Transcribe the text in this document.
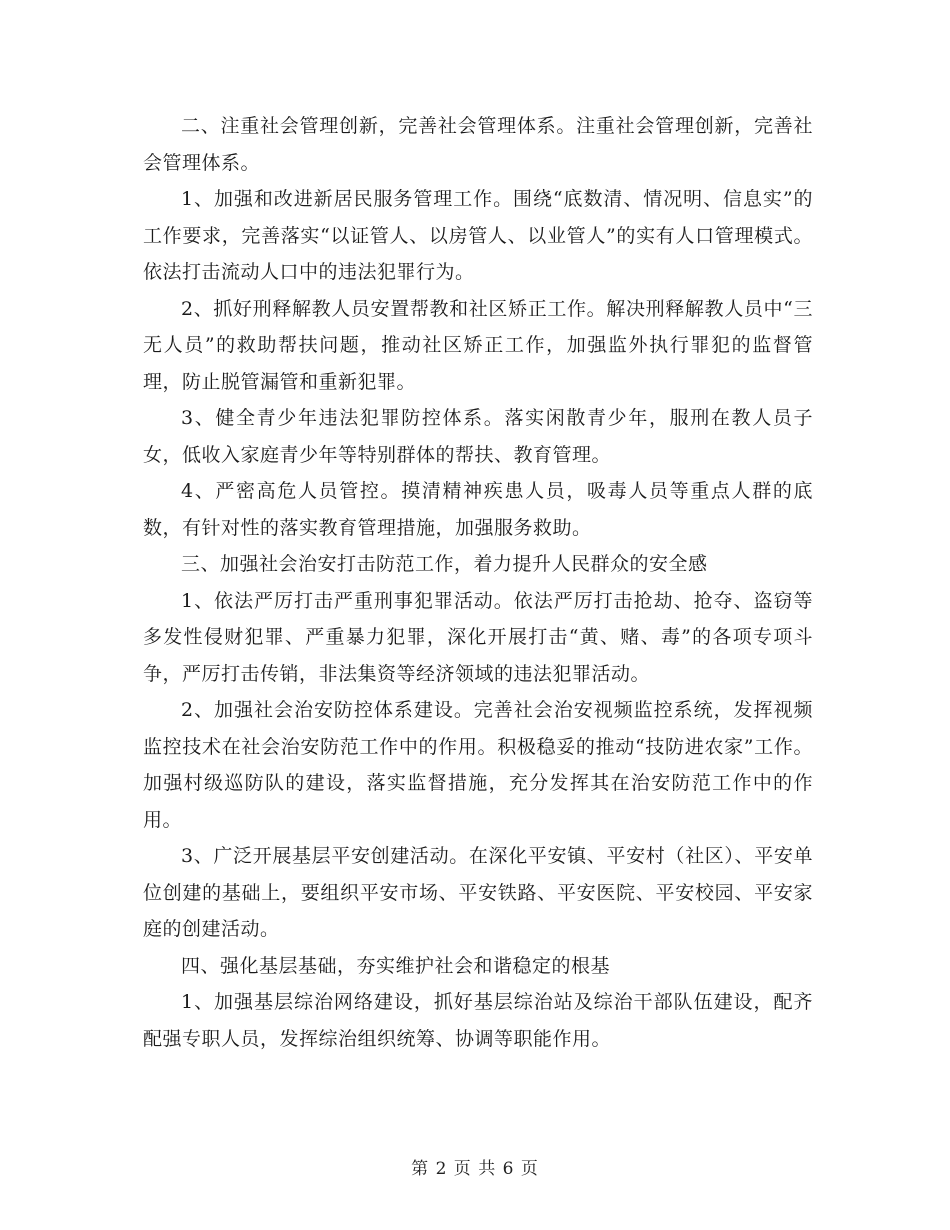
二、注重社会管理创新，完善社会管理体系。注重社会管理创新，完善社会管理体系。

1、加强和改进新居民服务管理工作。围绕“底数清、情况明、信息实”的工作要求，完善落实“以证管人、以房管人、以业管人”的实有人口管理模式。依法打击流动人口中的违法犯罪行为。

2、抓好刑释解教人员安置帮教和社区矫正工作。解决刑释解教人员中“三无人员”的救助帮扶问题，推动社区矫正工作，加强监外执行罪犯的监督管理，防止脱管漏管和重新犯罪。

3、健全青少年违法犯罪防控体系。落实闲散青少年，服刑在教人员子女，低收入家庭青少年等特别群体的帮扶、教育管理。

4、严密高危人员管控。摸清精神疾患人员，吸毒人员等重点人群的底数，有针对性的落实教育管理措施，加强服务救助。

三、加强社会治安打击防范工作，着力提升人民群众的安全感

1、依法严厉打击严重刑事犯罪活动。依法严厉打击抢劫、抢夺、盗窃等多发性侵财犯罪、严重暴力犯罪，深化开展打击“黄、赌、毒”的各项专项斗争，严厉打击传销，非法集资等经济领域的违法犯罪活动。

2、加强社会治安防控体系建设。完善社会治安视频监控系统，发挥视频监控技术在社会治安防范工作中的作用。积极稳妥的推动“技防进农家”工作。加强村级巡防队的建设，落实监督措施，充分发挥其在治安防范工作中的作用。

3、广泛开展基层平安创建活动。在深化平安镇、平安村（社区）、平安单位创建的基础上，要组织平安市场、平安铁路、平安医院、平安校园、平安家庭的创建活动。

四、强化基层基础，夯实维护社会和谐稳定的根基

1、加强基层综治网络建设，抓好基层综治站及综治干部队伍建设，配齐配强专职人员，发挥综治组织统筹、协调等职能作用。

第 2 页 共 6 页
